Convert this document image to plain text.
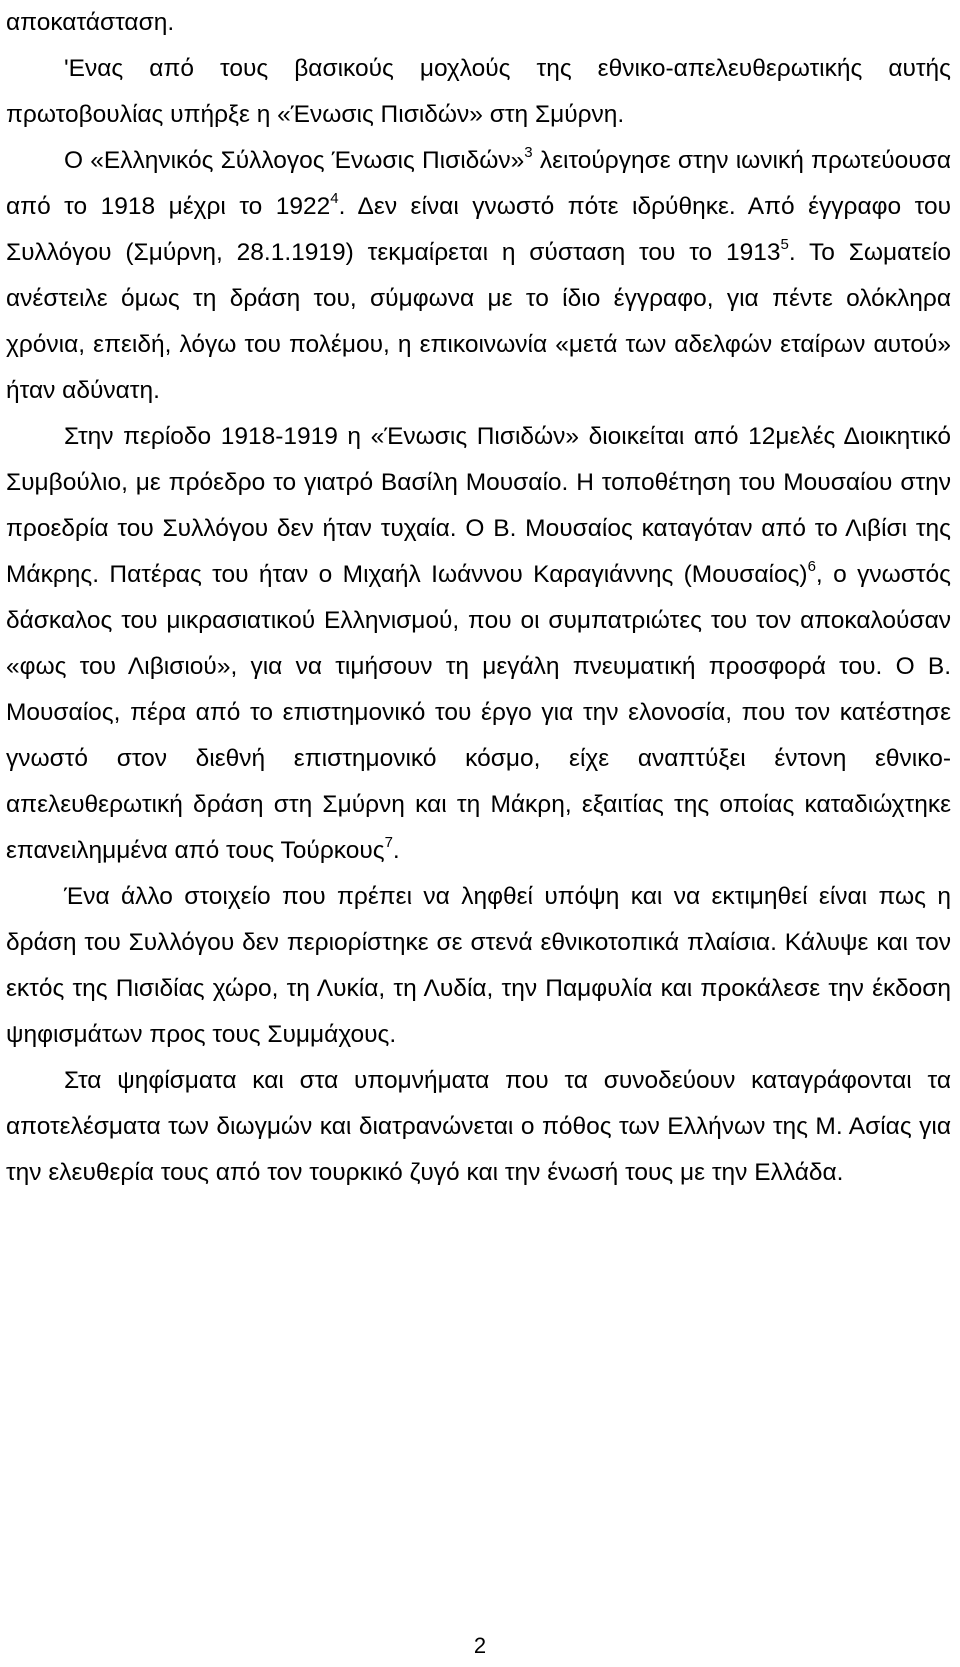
αποκατάσταση.

'Ενας από τους βασικούς μοχλούς της εθνικο-απελευθερωτικής αυτής πρωτοβουλίας υπήρξε η «Ένωσις Πισιδών» στη Σμύρνη.

Ο «Ελληνικός Σύλλογος Ένωσις Πισιδών»$^3$ λειτούργησε στην ιωνική πρωτεύουσα από το 1918 μέχρι το 1922$^4$. Δεν είναι γνωστό πότε ιδρύθηκε. Από έγγραφο του Συλλόγου (Σμύρνη, 28.1.1919) τεκμαίρεται η σύσταση του το 1913$^5$. Το Σωματείο ανέστειλε όμως τη δράση του, σύμφωνα με το ίδιο έγγραφο, για πέντε ολόκληρα χρόνια, επειδή, λόγω του πολέμου, η επικοινωνία «μετά των αδελφών εταίρων αυτού» ήταν αδύνατη.

Στην περίοδο 1918-1919 η «Ένωσις Πισιδών» διοικείται από 12μελές Διοικητικό Συμβούλιο, με πρόεδρο το γιατρό Βασίλη Μουσαίο. Η τοποθέτηση του Μουσαίου στην προεδρία του Συλλόγου δεν ήταν τυχαία. Ο Β. Μουσαίος καταγόταν από το Λιβίσι της Μάκρης. Πατέρας του ήταν ο Μιχαήλ Ιωάννου Καραγιάννης $(Mo\upsilon\sigma\alpha ίo\varsigma)^6$, ο γνωστός δάσκαλος του μικρασιατικού Ελληνισμού, που οι συμπατριώτες του τον αποκαλούσαν «φως του Λιβισιού», για να τιμήσουν τη μεγάλη πνευματική προσφορά του. Ο Β. Μουσαίος, πέρα από το επιστημονικό του έργο για την ελονοσία, που τον κατέστησε γνωστό στον διεθνή επιστημονικό κόσμο, είχε αναπτύξει έντονη εθνικο-απελευθερωτική δράση στη Σμύρνη και τη Μάκρη, εξαιτίας της οποίας καταδιώχτηκε επανειλημμένα από τους Τούρκους$^7$.

Ένα άλλο στοιχείο που πρέπει να ληφθεί υπόψη και να εκτιμηθεί είναι πως η δράση του Συλλόγου δεν περιορίστηκε σε στενά εθνικοτοπικά πλαίσια. Κάλυψε και τον εκτός της Πισιδίας χώρο, τη Λυκία, τη Λυδία, την Παμφυλία και προκάλεσε την έκδοση ψηφισμάτων προς τους Συμμάχους.

Στα ψηφίσματα και στα υπομνήματα που τα συνοδεύουν καταγράφονται τα αποτελέσματα των διωγμών και διατρανώνεται ο πόθος των Ελλήνων της Μ. Ασίας για την ελευθερία τους από τον τουρκικό ζυγό και την ένωσή τους με την Ελλάδα.

2
